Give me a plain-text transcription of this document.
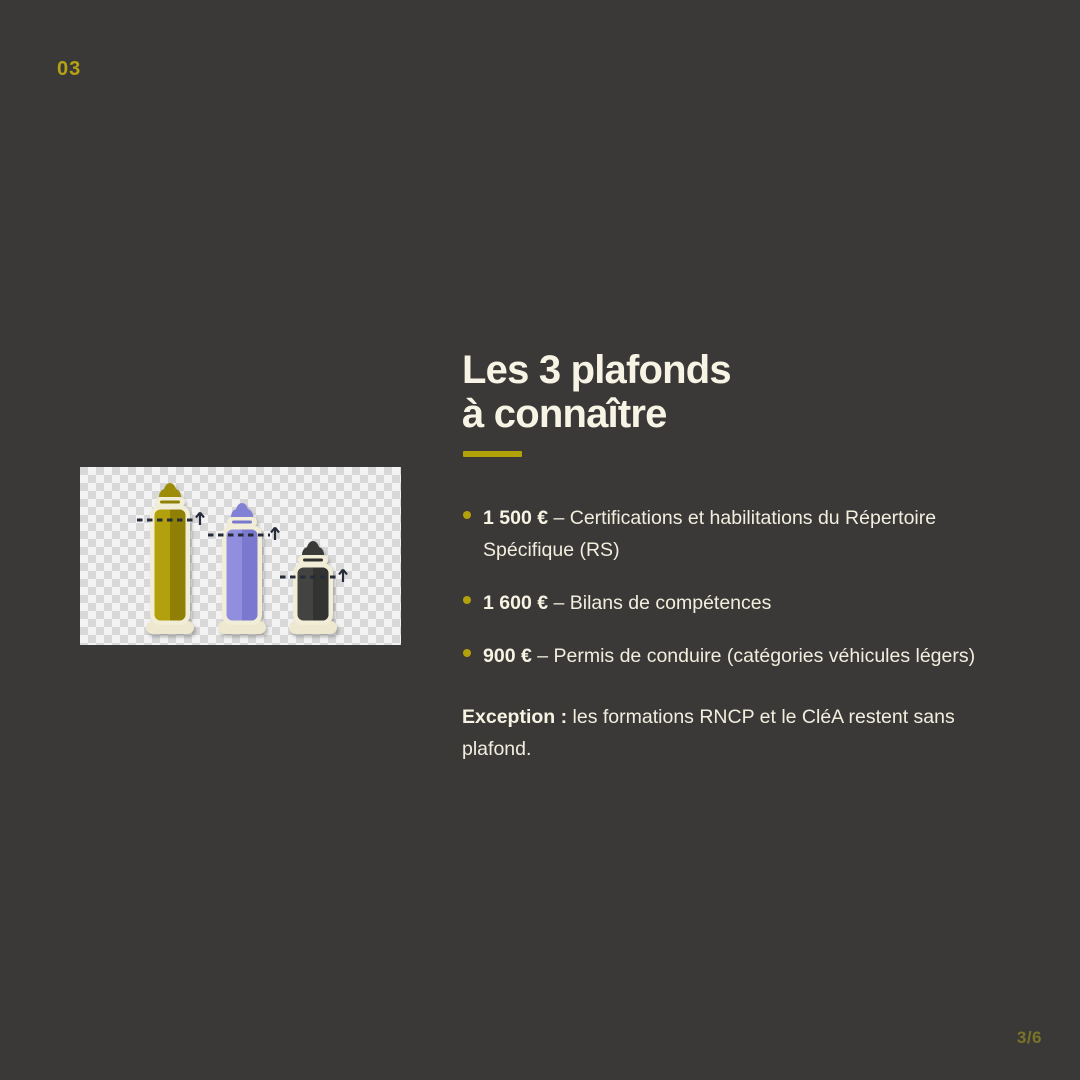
03
Les 3 plafonds
à connaître
1 500 € – Certifications et habilitations du Répertoire Spécifique (RS)
1 600 € – Bilans de compétences
900 € – Permis de conduire (catégories véhicules légers)

Exception : les formations RNCP et le CléA restent sans plafond.

3/6
